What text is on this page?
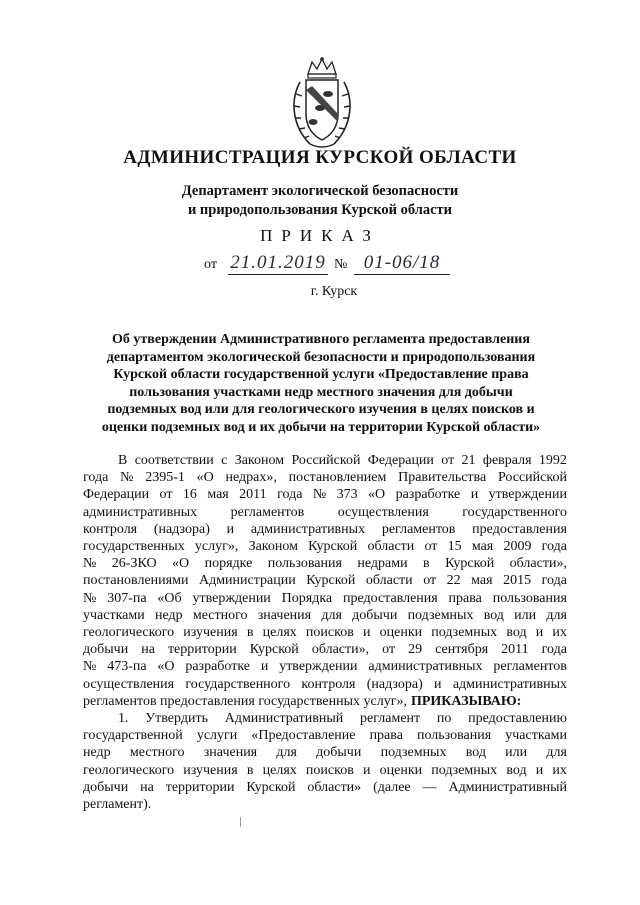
АДМИНИСТРАЦИЯ КУРСКОЙ ОБЛАСТИ
Департамент экологической безопасности
и природопользования Курской области
ПРИКАЗ
от 21.01.2019 № 01-06/18
г. Курск
Об утверждении Административного регламента предоставления
департаментом экологической безопасности и природопользования
Курской области государственной услуги «Предоставление права
пользования участками недр местного значения для добычи
подземных вод или для геологического изучения в целях поисков и
оценки подземных вод и их добычи на территории Курской области»
В соответствии с Законом Российской Федерации от 21 февраля 1992
года № 2395-1 «О недрах», постановлением Правительства Российской
Федерации от 16 мая 2011 года № 373 «О разработке и утверждении
административных регламентов осуществления государственного
контроля (надзора) и административных регламентов предоставления
государственных услуг», Законом Курской области от 15 мая 2009 года
№ 26-ЗКО «О порядке пользования недрами в Курской области»,
постановлениями Администрации Курской области от 22 мая 2015 года
№ 307-па «Об утверждении Порядка предоставления права пользования
участками недр местного значения для добычи подземных вод или для
геологического изучения в целях поисков и оценки подземных вод и их
добычи на территории Курской области», от 29 сентября 2011 года
№ 473-па «О разработке и утверждении административных регламентов
осуществления государственного контроля (надзора) и административных
регламентов предоставления государственных услуг», ПРИКАЗЫВАЮ:
1. Утвердить Административный регламент по предоставлению
государственной услуги «Предоставление права пользования участками
недр местного значения для добычи подземных вод или для
геологического изучения в целях поисков и оценки подземных вод и их
добычи на территории Курской области» (далее — Административный
регламент).
